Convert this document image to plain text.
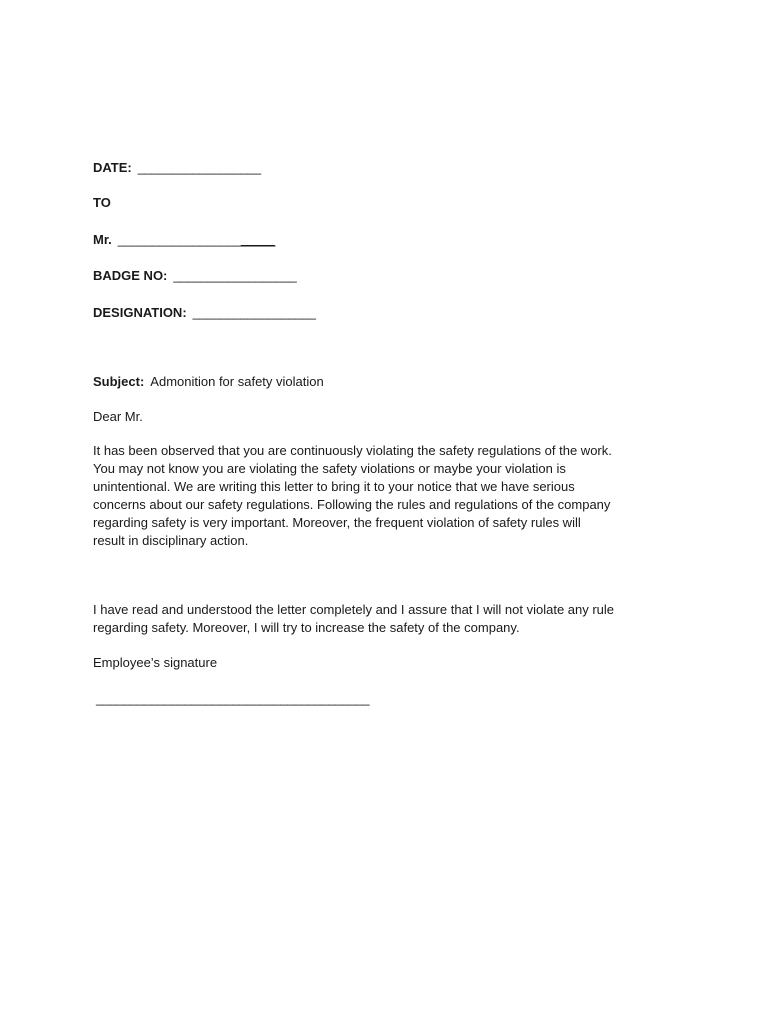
DATE: __________________
TO
Mr. _______________________
BADGE NO: __________________
DESIGNATION: __________________
Subject: Admonition for safety violation
Dear Mr.
It has been observed that you are continuously violating the safety regulations of the work.
You may not know you are violating the safety violations or maybe your violation is
unintentional. We are writing this letter to bring it to your notice that we have serious
concerns about our safety regulations. Following the rules and regulations of the company
regarding safety is very important. Moreover, the frequent violation of safety rules will
result in disciplinary action.
I have read and understood the letter completely and I assure that I will not violate any rule
regarding safety. Moreover, I will try to increase the safety of the company.
Employee’s signature
________________________________________
